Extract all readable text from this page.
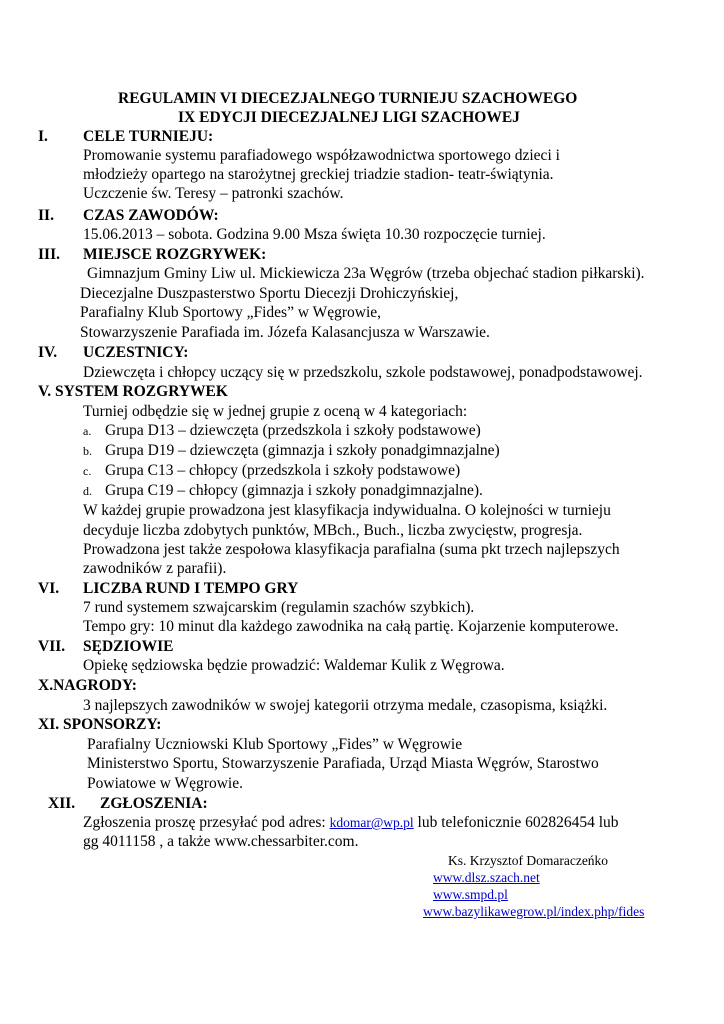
REGULAMIN VI DIECEZJALNEGO TURNIEJU SZACHOWEGO
IX EDYCJI DIECEZJALNEJ LIGI SZACHOWEJ
I. CELE TURNIEJU:
Promowanie systemu parafiadowego współzawodnictwa sportowego dzieci i
młodzieży opartego na starożytnej greckiej triadzie stadion- teatr-świątynia.
Uczczenie św. Teresy – patronki szachów.
II. CZAS ZAWODÓW:
15.06.2013 – sobota. Godzina 9.00 Msza święta 10.30 rozpoczęcie turniej.
III. MIEJSCE ROZGRYWEK:
Gimnazjum Gminy Liw ul. Mickiewicza 23a Węgrów (trzeba objechać stadion piłkarski).
Diecezjalne Duszpasterstwo Sportu Diecezji Drohiczyńskiej,
Parafialny Klub Sportowy „Fides” w Węgrowie,
Stowarzyszenie Parafiada im. Józefa Kalasancjusza w Warszawie.
IV. UCZESTNICY:
Dziewczęta i chłopcy uczący się w przedszkolu, szkole podstawowej, ponadpodstawowej.
V. SYSTEM ROZGRYWEK
Turniej odbędzie się w jednej grupie z oceną w 4 kategoriach:
a. Grupa D13 – dziewczęta (przedszkola i szkoły podstawowe)
b. Grupa D19 – dziewczęta (gimnazja i szkoły ponadgimnazjalne)
c. Grupa C13 – chłopcy (przedszkola i szkoły podstawowe)
d. Grupa C19 – chłopcy (gimnazja i szkoły ponadgimnazjalne).
W każdej grupie prowadzona jest klasyfikacja indywidualna. O kolejności w turnieju
decyduje liczba zdobytych punktów, MBch., Buch., liczba zwycięstw, progresja.
Prowadzona jest także zespołowa klasyfikacja parafialna (suma pkt trzech najlepszych
zawodników z parafii).
VI. LICZBA RUND I TEMPO GRY
7 rund systemem szwajcarskim (regulamin szachów szybkich).
Tempo gry: 10 minut dla każdego zawodnika na całą partię. Kojarzenie komputerowe.
VII. SĘDZIOWIE
Opiekę sędziowska będzie prowadzić: Waldemar Kulik z Węgrowa.
X.NAGRODY:
3 najlepszych zawodników w swojej kategorii otrzyma medale, czasopisma, książki.
XI. SPONSORZY:
Parafialny Uczniowski Klub Sportowy „Fides” w Węgrowie
Ministerstwo Sportu, Stowarzyszenie Parafiada, Urząd Miasta Węgrów, Starostwo
Powiatowe w Węgrowie.
XII. ZGŁOSZENIA:
Zgłoszenia proszę przesyłać pod adres: kdomar@wp.pl lub telefonicznie 602826454 lub
gg 4011158 , a także www.chessarbiter.com.
Ks. Krzysztof Domaraczeńko
www.dlsz.szach.net
www.smpd.pl
www.bazylikawegrow.pl/index.php/fides
